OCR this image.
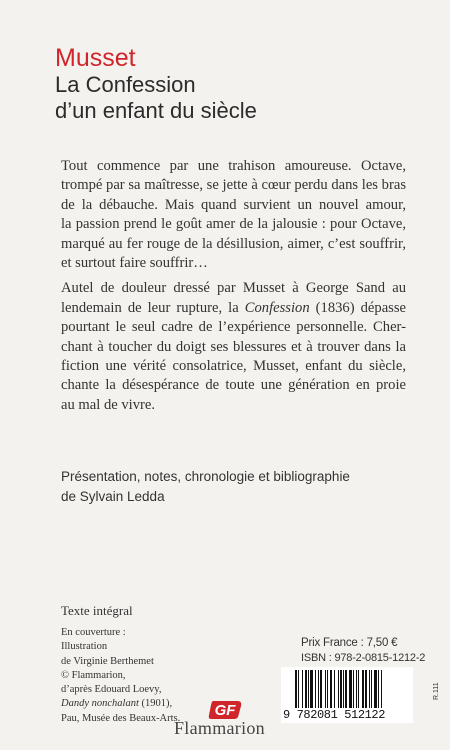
Musset
La Confession
d’un enfant du siècle
Tout commence par une trahison amoureuse. Octave,
trompé par sa maîtresse, se jette à cœur perdu dans les bras
de la débauche. Mais quand survient un nouvel amour,
la passion prend le goût amer de la jalousie : pour Octave,
marqué au fer rouge de la désillusion, aimer, c’est souffrir,
et surtout faire souffrir…
Autel de douleur dressé par Musset à George Sand au
lendemain de leur rupture, la Confession (1836) dépasse
pourtant le seul cadre de l’expérience personnelle. Cher-
chant à toucher du doigt ses blessures et à trouver dans la
fiction une vérité consolatrice, Musset, enfant du siècle,
chante la désespérance de toute une génération en proie
au mal de vivre.
Présentation, notes, chronologie et bibliographie
de Sylvain Ledda
Texte intégral
En couverture :
Illustration
de Virginie Berthemet
© Flammarion,
d’après Edouard Loevy,
Dandy nonchalant (1901),
Pau, Musée des Beaux-Arts.
Prix France : 7,50 €
ISBN : 978-2-0815-1212-2
9 782081 512122
GF
Flammarion
R.111
